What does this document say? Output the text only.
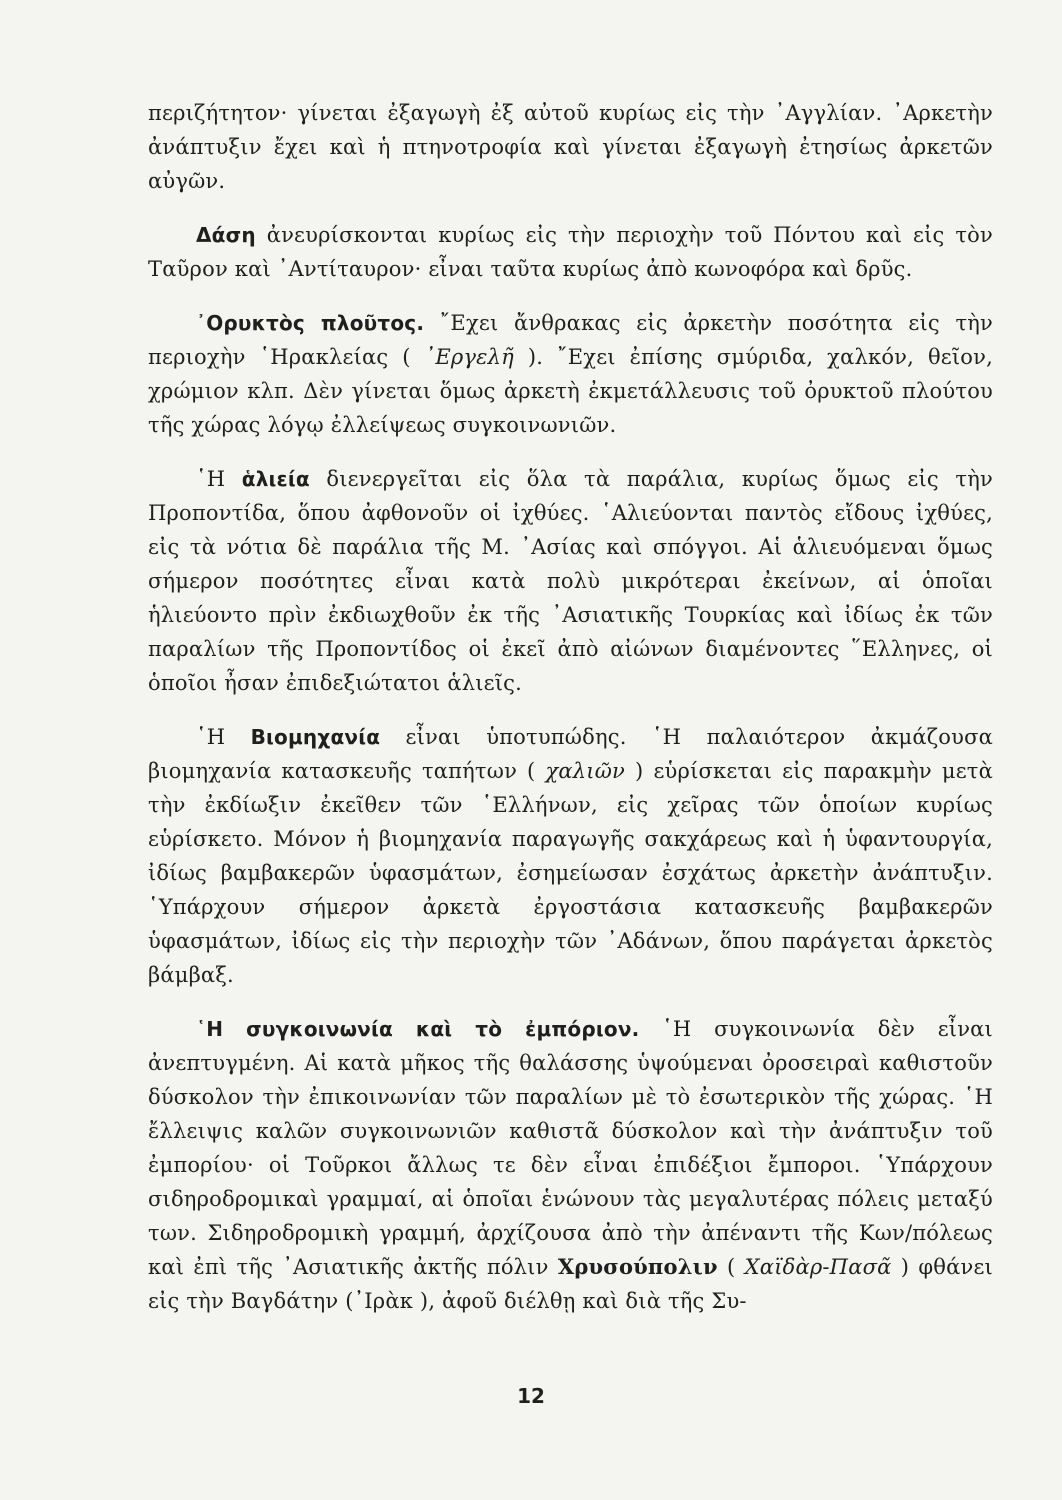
περιζήτητον· γίνεται ἐξαγωγὴ ἐξ αὐτοῦ κυρίως εἰς τὴν ᾿Αγγλίαν. ᾿Αρκετὴν ἀνάπτυξιν ἔχει καὶ ἡ πτηνοτροφία καὶ γίνεται ἐξαγωγὴ ἐτησίως ἀρκετῶν αὐγῶν.

Δάση ἀνευρίσκονται κυρίως εἰς τὴν περιοχὴν τοῦ Πόντου καὶ εἰς τὸν Ταῦρον καὶ ᾿Αντίταυρον· εἶναι ταῦτα κυρίως ἀπὸ κωνοφόρα καὶ δρῦς.

᾿Ορυκτὸς πλοῦτος. ῎Εχει ἄνθρακας εἰς ἀρκετὴν ποσότητα εἰς τὴν περιοχὴν ῾Ηρακλείας ( ᾿Εργελῆ ). ῎Εχει ἐπίσης σμύριδα, χαλκόν, θεῖον, χρώμιον κλπ. Δὲν γίνεται ὅμως ἀρκετὴ ἐκμετάλλευσις τοῦ ὀρυκτοῦ πλούτου τῆς χώρας λόγῳ ἐλλείψεως συγκοινωνιῶν.

῾Η ἁλιεία διενεργεῖται εἰς ὅλα τὰ παράλια, κυρίως ὅμως εἰς τὴν Προποντίδα, ὅπου ἀφθονοῦν οἱ ἰχθύες. ῾Αλιεύονται παντὸς εἴδους ἰχθύες, εἰς τὰ νότια δὲ παράλια τῆς Μ. ᾿Ασίας καὶ σπόγγοι. Αἱ ἁλιευόμεναι ὅμως σήμερον ποσότητες εἶναι κατὰ πολὺ μικρότεραι ἐκείνων, αἱ ὁποῖαι ἡλιεύοντο πρὶν ἐκδιωχθοῦν ἐκ τῆς ᾿Ασιατικῆς Τουρκίας καὶ ἰδίως ἐκ τῶν παραλίων τῆς Προποντίδος οἱ ἐκεῖ ἀπὸ αἰώνων διαμένοντες ῞Ελληνες, οἱ ὁποῖοι ἦσαν ἐπιδεξιώτατοι ἁλιεῖς.

῾Η Βιομηχανία εἶναι ὑποτυπώδης. ῾Η παλαιότερον ἀκμάζουσα βιομηχανία κατασκευῆς ταπήτων ( χαλιῶν ) εὑρίσκεται εἰς παρακμὴν μετὰ τὴν ἐκδίωξιν ἐκεῖθεν τῶν ῾Ελλήνων, εἰς χεῖρας τῶν ὁποίων κυρίως εὑρίσκετο. Μόνον ἡ βιομηχανία παραγωγῆς σακχάρεως καὶ ἡ ὑφαντουργία, ἰδίως βαμβακερῶν ὑφασμάτων, ἐσημείωσαν ἐσχάτως ἀρκετὴν ἀνάπτυξιν. ῾Υπάρχουν σήμερον ἀρκετὰ ἐργοστάσια κατασκευῆς βαμβακερῶν ὑφασμάτων, ἰδίως εἰς τὴν περιοχὴν τῶν ᾿Αδάνων, ὅπου παράγεται ἀρκετὸς βάμβαξ.

῾Η συγκοινωνία καὶ τὸ ἐμπόριον. ῾Η συγκοινωνία δὲν εἶναι ἀνεπτυγμένη. Αἱ κατὰ μῆκος τῆς θαλάσσης ὑψούμεναι ὀροσειραὶ καθιστοῦν δύσκολον τὴν ἐπικοινωνίαν τῶν παραλίων μὲ τὸ ἐσωτερικὸν τῆς χώρας. ῾Η ἔλλειψις καλῶν συγκοινωνιῶν καθιστᾶ δύσκολον καὶ τὴν ἀνάπτυξιν τοῦ ἐμπορίου· οἱ Τοῦρκοι ἄλλως τε δὲν εἶναι ἐπιδέξιοι ἔμποροι. ῾Υπάρχουν σιδηροδρομικαὶ γραμμαί, αἱ ὁποῖαι ἑνώνουν τὰς μεγαλυτέρας πόλεις μεταξύ των. Σιδηροδρομικὴ γραμμή, ἀρχίζουσα ἀπὸ τὴν ἀπέναντι τῆς Κων/πόλεως καὶ ἐπὶ τῆς ᾿Ασιατικῆς ἀκτῆς πόλιν Χρυσούπολιν ( Χαϊδὰρ-Πασᾶ ) φθάνει εἰς τὴν Βαγδάτην (᾿Ιρὰκ ), ἀφοῦ διέλθῃ καὶ διὰ τῆς Συ-

12
